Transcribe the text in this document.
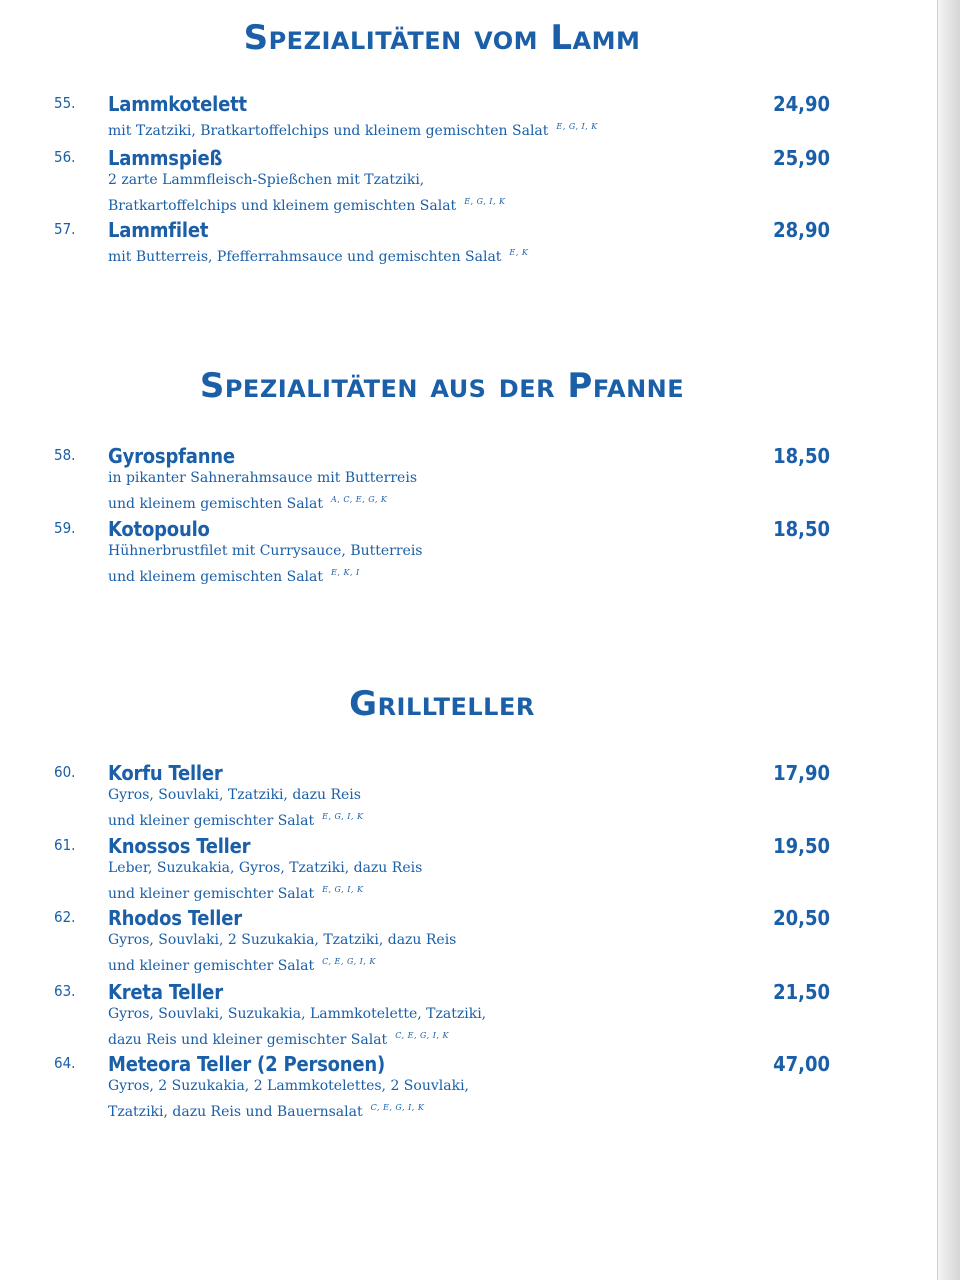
Spezialitäten vom Lamm
55.	Lammkotelett	24,90
mit Tzatziki, Bratkartoffelchips und kleinem gemischten Salat $^{E, G, I, K}$
56.	Lammspieß	25,90
2 zarte Lammfleisch-Spießchen mit Tzatziki,
Bratkartoffelchips und kleinem gemischten Salat $^{E, G, I, K}$
57.	Lammfilet	28,90
mit Butterreis, Pfefferrahmsauce und gemischten Salat $^{E, K}$
Spezialitäten aus der Pfanne
58.	Gyrospfanne	18,50
in pikanter Sahnerahmsauce mit Butterreis
und kleinem gemischten Salat $^{A, C, E, G, K}$
59.	Kotopoulo	18,50
Hühnerbrustfilet mit Currysauce, Butterreis
und kleinem gemischten Salat $^{E, K, I}$
Grillteller
60.	Korfu Teller	17,90
Gyros, Souvlaki, Tzatziki, dazu Reis
und kleiner gemischter Salat $^{E, G, I, K}$
61.	Knossos Teller	19,50
Leber, Suzukakia, Gyros, Tzatziki, dazu Reis
und kleiner gemischter Salat $^{E, G, I, K}$
62.	Rhodos Teller	20,50
Gyros, Souvlaki, 2 Suzukakia, Tzatziki, dazu Reis
und kleiner gemischter Salat $^{C, E, G, I, K}$
63.	Kreta Teller	21,50
Gyros, Souvlaki, Suzukakia, Lammkotelette, Tzatziki,
dazu Reis und kleiner gemischter Salat $^{C, E, G, I, K}$
64.	Meteora Teller (2 Personen)	47,00
Gyros, 2 Suzukakia, 2 Lammkotelettes, 2 Souvlaki,
Tzatziki, dazu Reis und Bauernsalat $^{C, E, G, I, K}$
